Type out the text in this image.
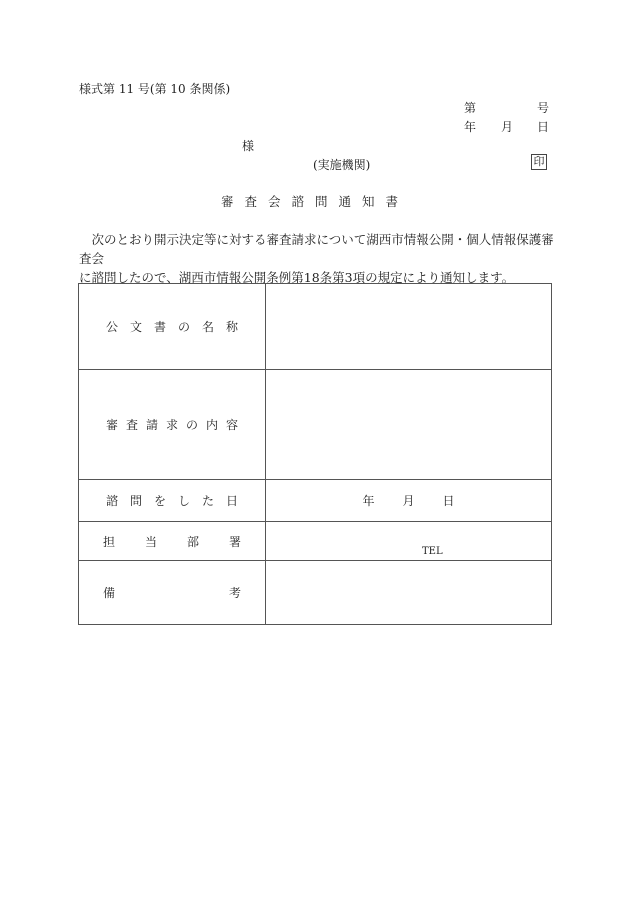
様式第 11 号(第 10 条関係)
第	号
年 月 日
様
(実施機関)	印
審査会諮問通知書

　次のとおり開示決定等に対する審査請求について湖西市情報公開・個人情報保護審査会

に諮問したので、湖西市情報公開条例第18条第3項の規定により通知します。

公文書の名称	
審査請求の内容	
諮問をした日	年 月 日

担 当 部 署	TEL

備 考	
